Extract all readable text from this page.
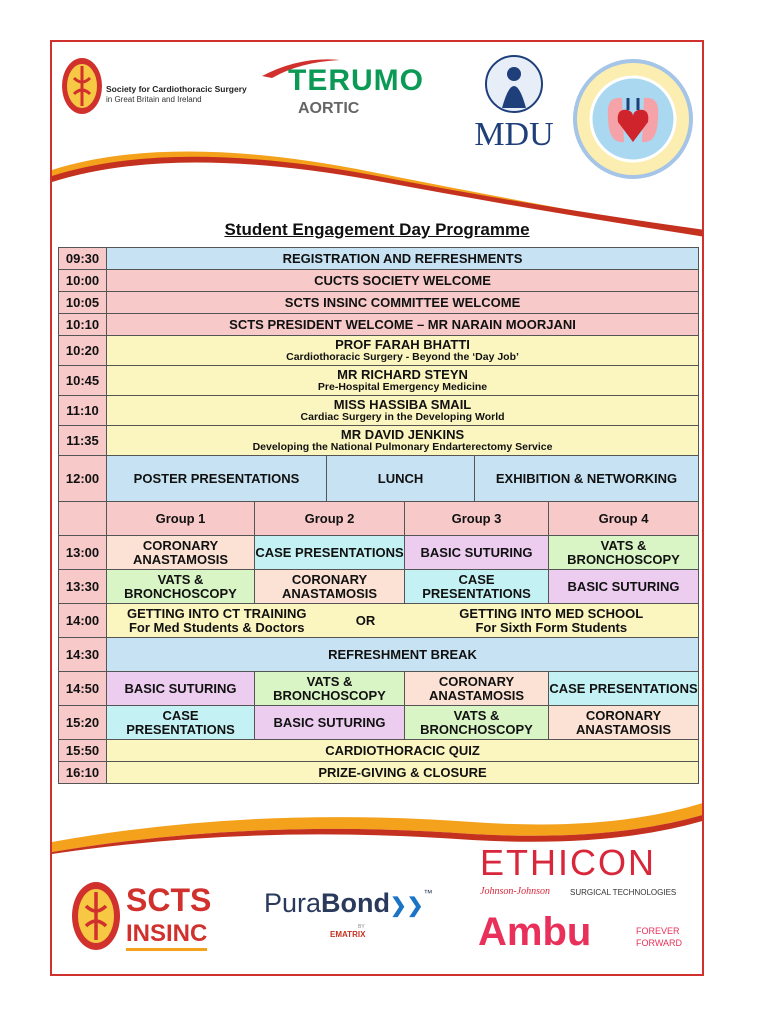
Society for Cardiothoracic Surgery
in Great Britain and Ireland
TERUMO
AORTIC
MDU
Student Engagement Day Programme
09:30	REGISTRATION AND REFRESHMENTS					

10:00	CUCTS SOCIETY WELCOME					

10:05	SCTS INSINC COMMITTEE WELCOME					

10:10	SCTS PRESIDENT WELCOME – MR NARAIN MOORJANI					

10:20	PROF FARAH BHATTI
Cardiothoracic Surgery - Beyond the ‘Day Job’					

10:45	MR RICHARD STEYN
Pre-Hospital Emergency Medicine					

11:10	MISS HASSIBA SMAIL
Cardiac Surgery in the Developing World					

11:35	MR DAVID JENKINS
Developing the National Pulmonary Endarterectomy Service					

12:00	POSTER PRESENTATIONS		LUNCH		EXHIBITION & NETWORKING	
	Group 1	Group 2		Group 3		Group 4
13:00	CORONARY ANASTAMOSIS	CASE PRESENTATIONS		BASIC SUTURING		VATS & BRONCHOSCOPY
13:30	VATS & BRONCHOSCOPY	CORONARY ANASTAMOSIS		CASE PRESENTATIONS		BASIC SUTURING
14:00	GETTING INTO CT TRAINING
For Med Students & Doctors		OR	GETTING INTO MED SCHOOL
For Sixth Form Students		

14:30	REFRESHMENT BREAK					
14:50	BASIC SUTURING	VATS & BRONCHOSCOPY		CORONARY ANASTAMOSIS		CASE PRESENTATIONS
15:20	CASE PRESENTATIONS	BASIC SUTURING		VATS & BRONCHOSCOPY		CORONARY ANASTAMOSIS
15:50	CARDIOTHORACIC QUIZ					
16:10	PRIZE-GIVING & CLOSURE					
SCTS
INSINC
PuraBond❯❯™
BY
EMATRIX
ETHICON
Johnson-Johnson	SURGICAL TECHNOLOGIES
Ambu	FOREVER
FORWARD
